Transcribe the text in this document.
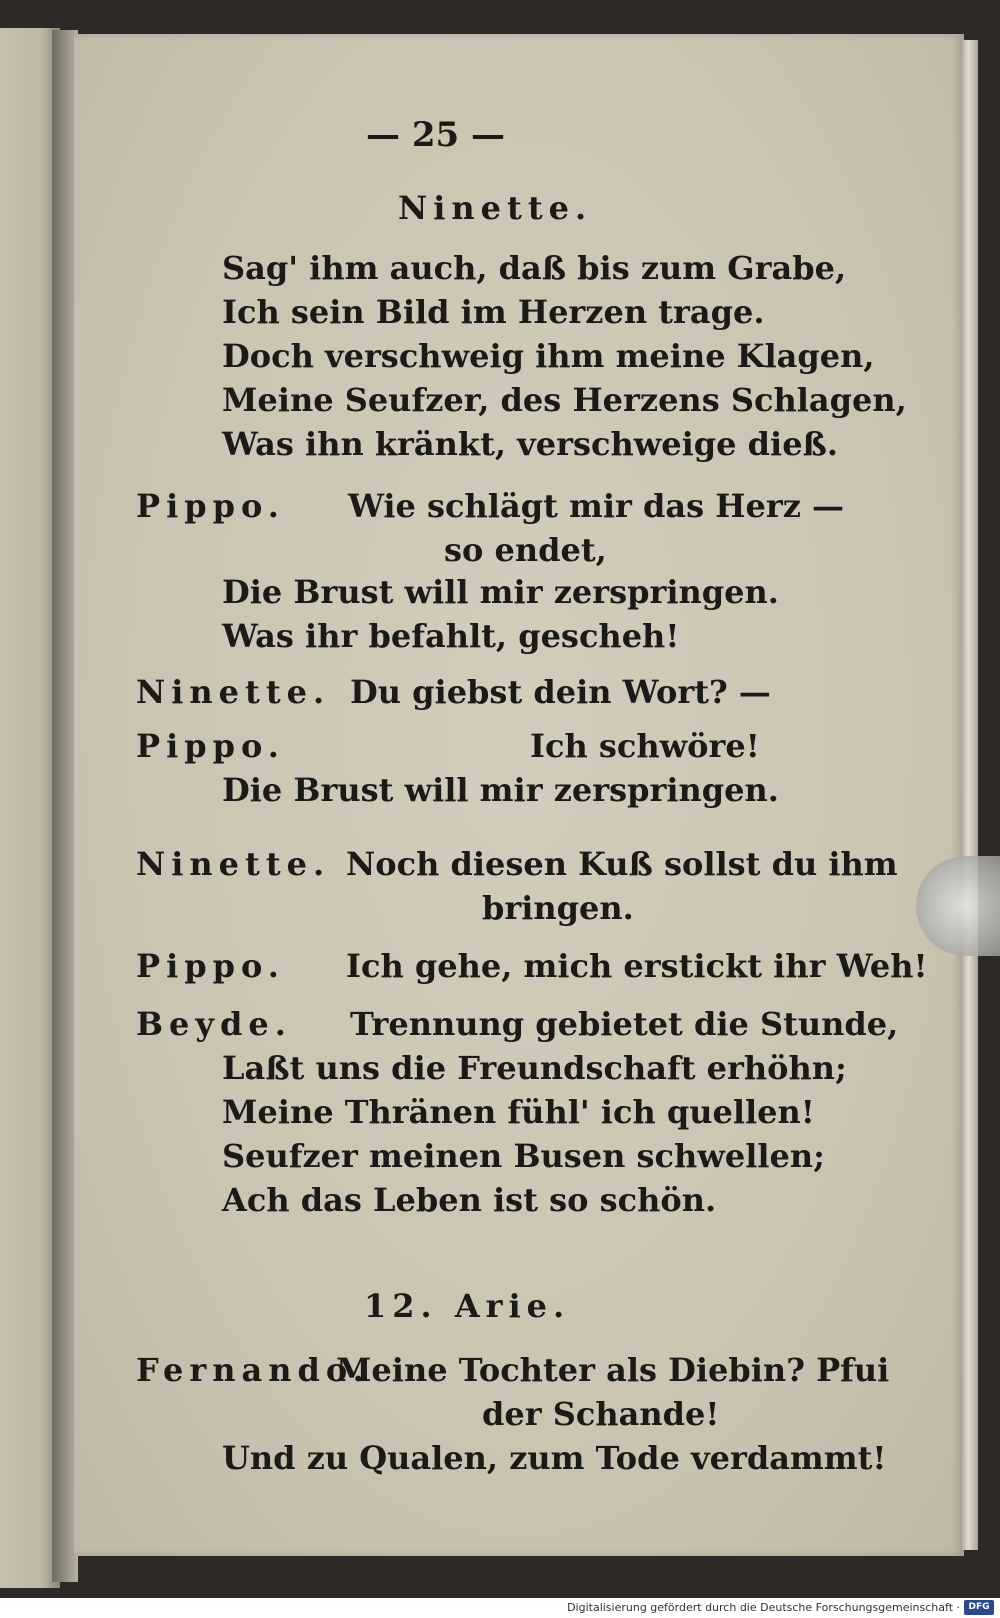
— 25 —
Ninette.
Sag' ihm auch, daß bis zum Grabe,
Ich sein Bild im Herzen trage.
Doch verschweig ihm meine Klagen,
Meine Seufzer, des Herzens Schlagen,
Was ihn kränkt, verschweige dieß.
Pippo. Wie schlägt mir das Herz —
so endet,
Die Brust will mir zerspringen.
Was ihr befahlt, gescheh!
Ninette. Du giebst dein Wort? —
Pippo.	Ich schwöre!
Die Brust will mir zerspringen.
Ninette. Noch diesen Kuß sollst du ihm
bringen.
Pippo. Ich gehe, mich erstickt ihr Weh!
Beyde. Trennung gebietet die Stunde,
Laßt uns die Freundschaft erhöhn;
Meine Thränen fühl' ich quellen!
Seufzer meinen Busen schwellen;
Ach das Leben ist so schön.
12. Arie.
Fernando.
Meine Tochter als Diebin? Pfui
der Schande!
Und zu Qualen, zum Tode verdammt!
Digitalisierung gefördert durch die Deutsche Forschungsgemeinschaft · DFG
